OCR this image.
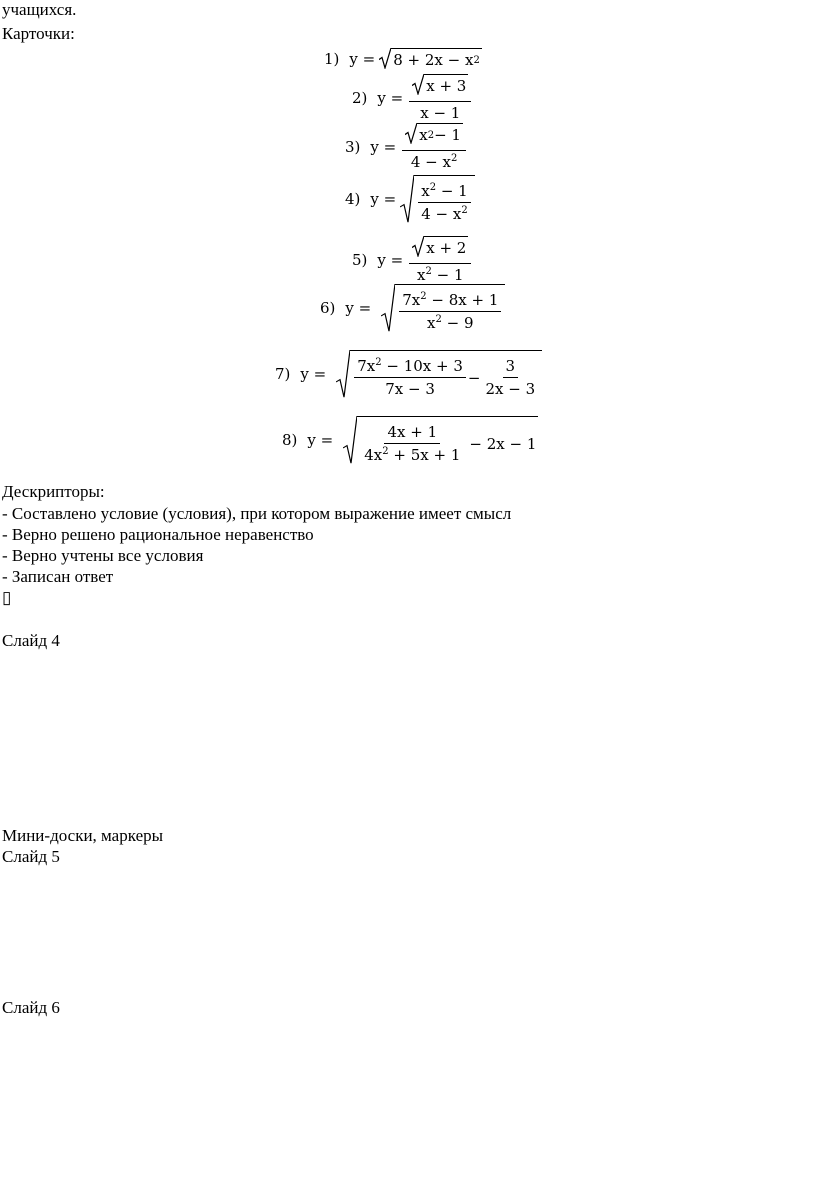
учащихся.
Карточки:
1) y = 8 + 2x − x 2
2) $y = \frac{x + 3}{x - 1}$
3) $y = \frac{x 2 - 1}{4 - x^2}$
4) $y = \frac{x^2 - 1}{4 - x^2}$
5) $y = \frac{x + 2}{x^2 - 1}$
6) $y = \frac{7x^2 - 8x + 1}{x^2 - 9}$
7) $y = \frac{7x^2 - 10x + 3}{7x - 3} - \frac{3}{2x - 3}$
8) $y = \frac{4x + 1}{4x^2 + 5x + 1} - 2x - 1$
Дескрипторы:
- Составлено условие (условия), при котором выражение имеет смысл
- Верно решено рациональное неравенство
- Верно учтены все условия
- Записан ответ
▯
Слайд 4
Мини-доски, маркеры
Слайд 5
Слайд 6
